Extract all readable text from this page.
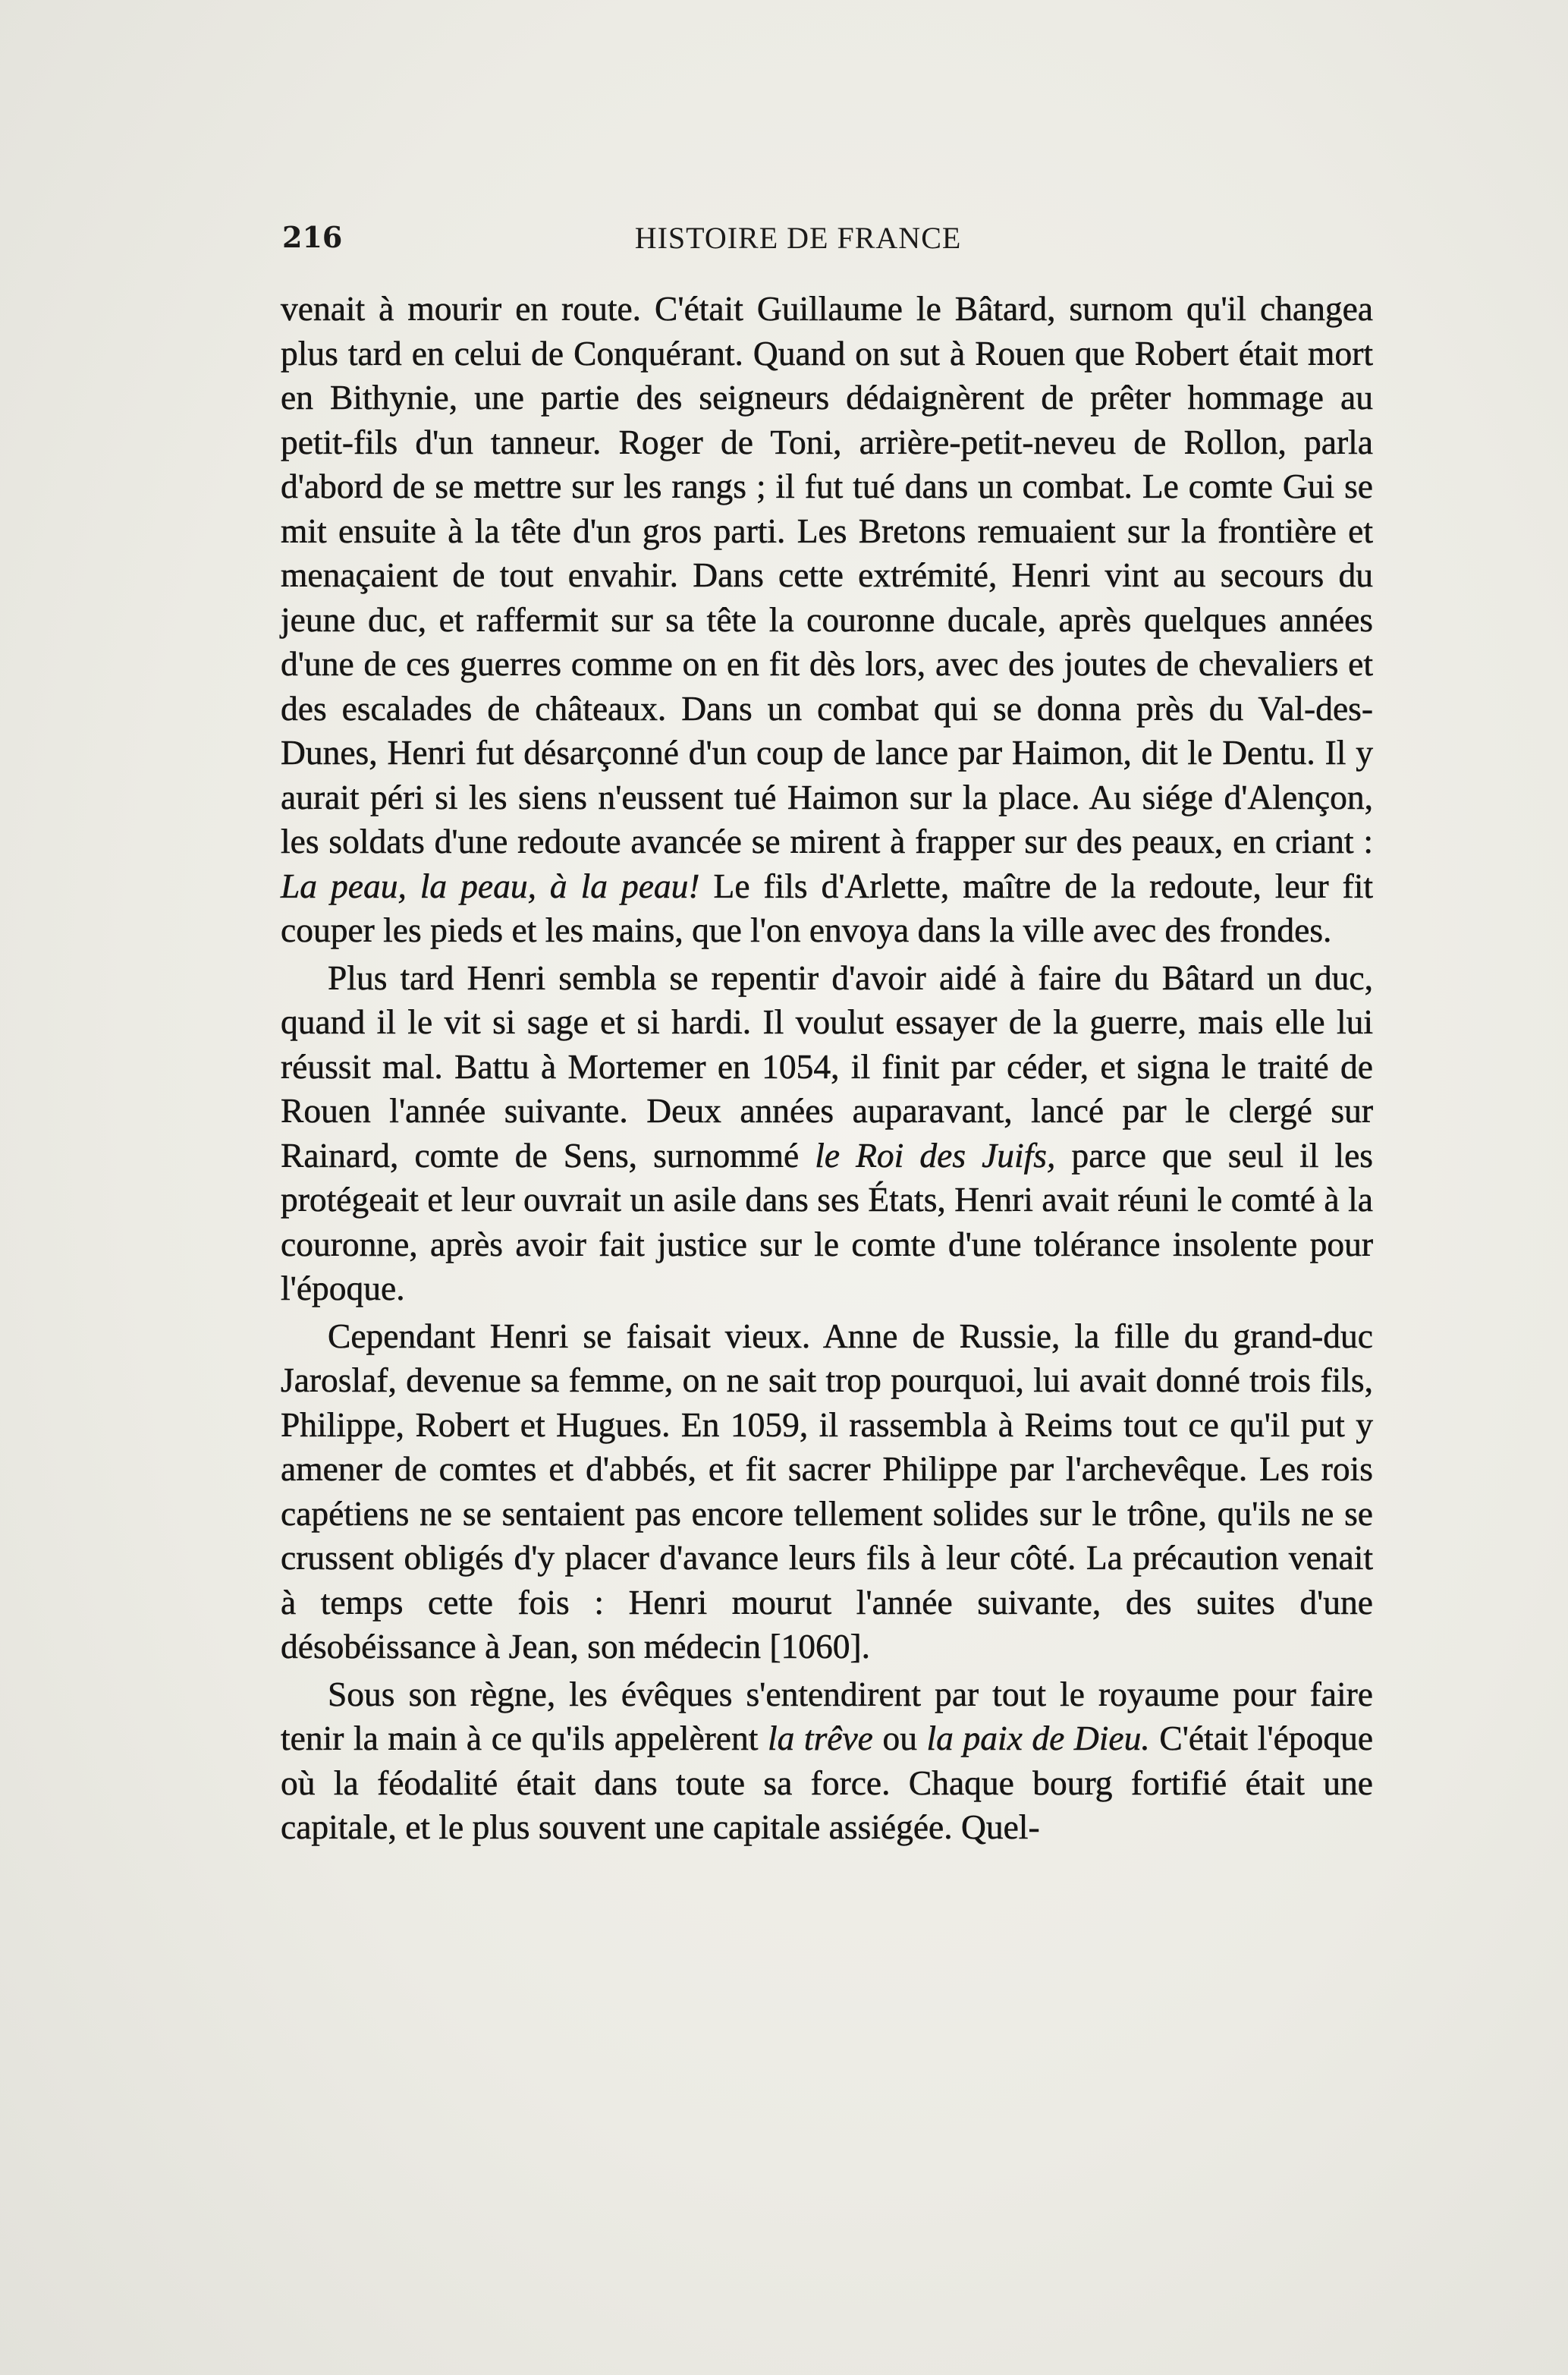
216	HISTOIRE DE FRANCE

venait à mourir en route. C'était Guillaume le Bâtard, surnom qu'il changea plus tard en celui de Conquérant. Quand on sut à Rouen que Robert était mort en Bithynie, une partie des seigneurs dédaignèrent de prêter hommage au petit-fils d'un tanneur. Roger de Toni, arrière-petit-neveu de Rollon, parla d'abord de se mettre sur les rangs ; il fut tué dans un combat. Le comte Gui se mit ensuite à la tête d'un gros parti. Les Bretons remuaient sur la frontière et menaçaient de tout envahir. Dans cette extrémité, Henri vint au secours du jeune duc, et raffermit sur sa tête la couronne ducale, après quelques années d'une de ces guerres comme on en fit dès lors, avec des joutes de chevaliers et des escalades de châteaux. Dans un combat qui se donna près du Val-des-Dunes, Henri fut désarçonné d'un coup de lance par Haimon, dit le Dentu. Il y aurait péri si les siens n'eussent tué Haimon sur la place. Au siége d'Alençon, les soldats d'une redoute avancée se mirent à frapper sur des peaux, en criant : La peau, la peau, à la peau! Le fils d'Arlette, maître de la redoute, leur fit couper les pieds et les mains, que l'on envoya dans la ville avec des frondes.

Plus tard Henri sembla se repentir d'avoir aidé à faire du Bâtard un duc, quand il le vit si sage et si hardi. Il voulut essayer de la guerre, mais elle lui réussit mal. Battu à Mortemer en 1054, il finit par céder, et signa le traité de Rouen l'année suivante. Deux années auparavant, lancé par le clergé sur Rainard, comte de Sens, surnommé le Roi des Juifs, parce que seul il les protégeait et leur ouvrait un asile dans ses États, Henri avait réuni le comté à la couronne, après avoir fait justice sur le comte d'une tolérance insolente pour l'époque.

Cependant Henri se faisait vieux. Anne de Russie, la fille du grand-duc Jaroslaf, devenue sa femme, on ne sait trop pourquoi, lui avait donné trois fils, Philippe, Robert et Hugues. En 1059, il rassembla à Reims tout ce qu'il put y amener de comtes et d'abbés, et fit sacrer Philippe par l'archevêque. Les rois capétiens ne se sentaient pas encore tellement solides sur le trône, qu'ils ne se crussent obligés d'y placer d'avance leurs fils à leur côté. La précaution venait à temps cette fois : Henri mourut l'année suivante, des suites d'une désobéissance à Jean, son médecin [1060].

Sous son règne, les évêques s'entendirent par tout le royaume pour faire tenir la main à ce qu'ils appelèrent la trêve ou la paix de Dieu. C'était l'époque où la féodalité était dans toute sa force. Chaque bourg fortifié était une capitale, et le plus souvent une capitale assiégée. Quel-
